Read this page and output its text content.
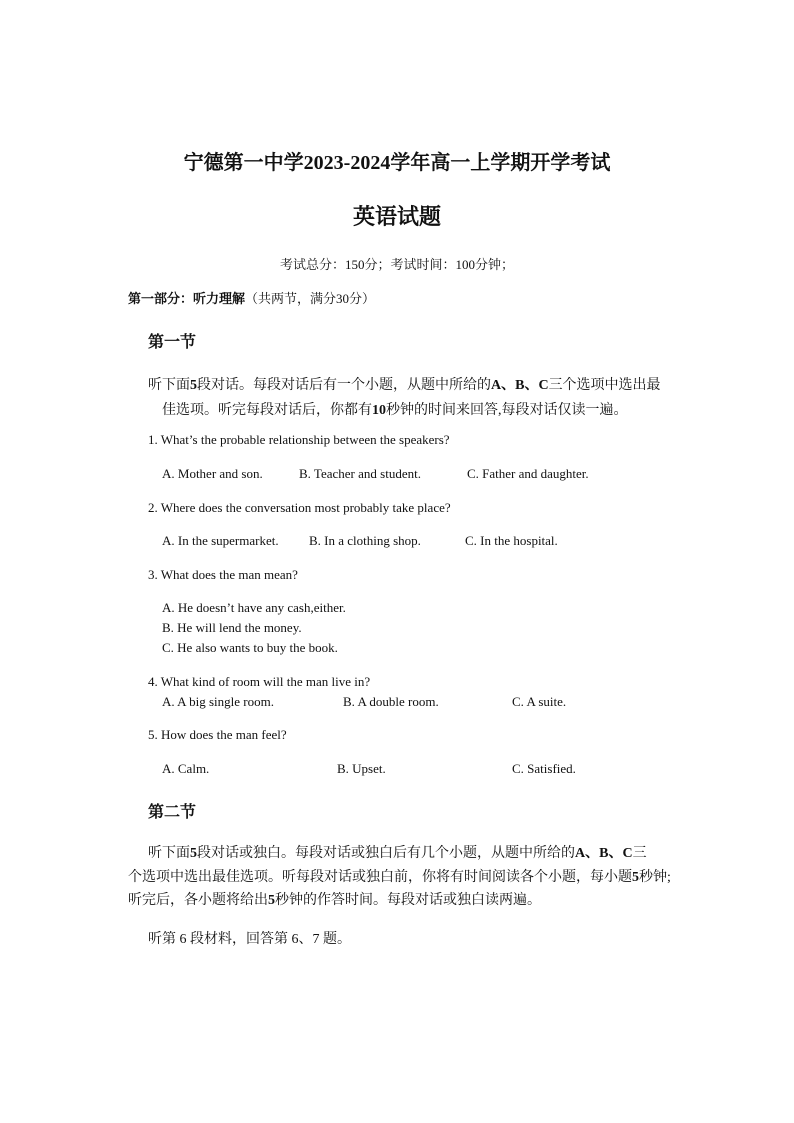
宁德第一中学2023-2024学年高一上学期开学考试
英语试题
考试总分：150分；考试时间：100分钟；
第一部分：听力理解（共两节，满分30分）
第一节
听下面5段对话。每段对话后有一个小题，从题中所给的A、B、C三个选项中选出最
佳选项。听完每段对话后，你都有10秒钟的时间来回答,每段对话仅读一遍。
1. What’s the probable relationship between the speakers?
A. Mother and son.	B. Teacher and student.	C. Father and daughter.
2. Where does the conversation most probably take place?
A. In the supermarket. B. In a clothing shop.	C. In the hospital.
3. What does the man mean?
A. He doesn’t have any cash,either.
B. He will lend the money.
C. He also wants to buy the book.
4. What kind of room will the man live in?
A. A big single room.	B. A double room.	C. A suite.
5. How does the man feel?
A. Calm.	B. Upset.	C. Satisfied.
第二节
听下面5段对话或独白。每段对话或独白后有几个小题，从题中所给的A、B、C三
个选项中选出最佳选项。听每段对话或独白前，你将有时间阅读各个小题，每小题5秒钟;
听完后，各小题将给出5秒钟的作答时间。每段对话或独白读两遍。
听第 6 段材料，回答第 6、7 题。
